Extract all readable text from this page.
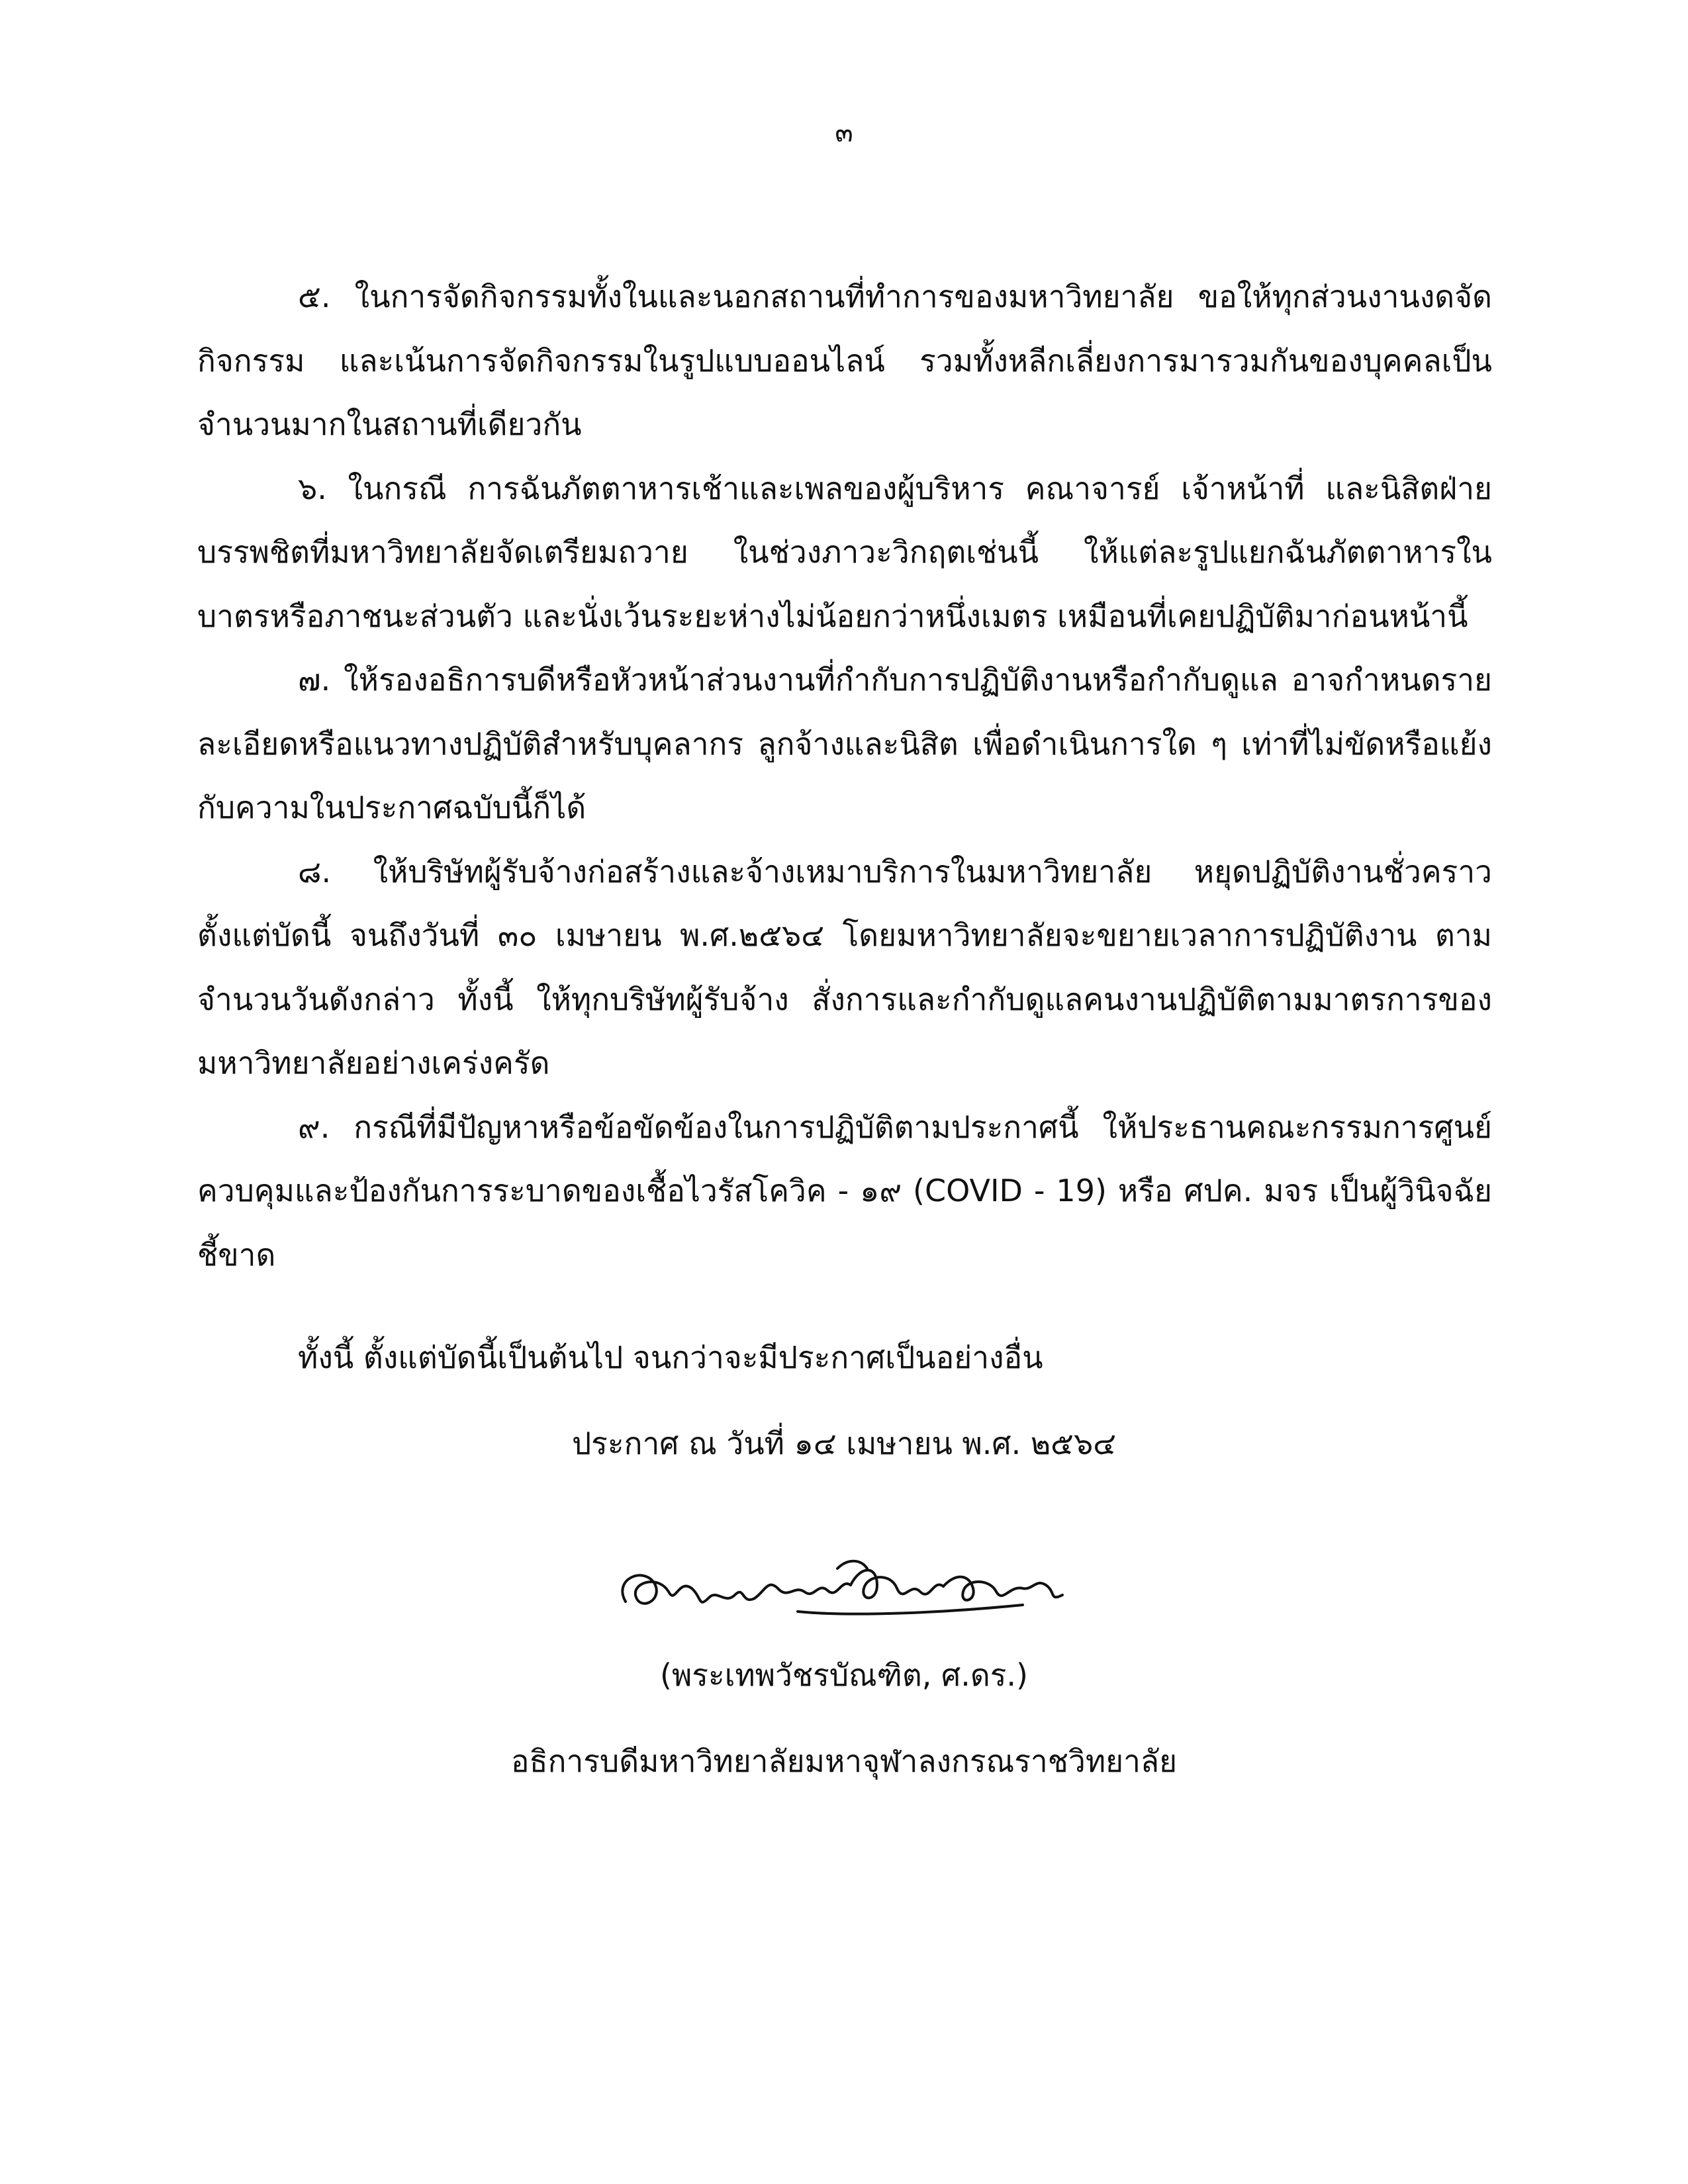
๓

๕. ในการจัดกิจกรรมทั้งในและนอกสถานที่ทำการของมหาวิทยาลัย ขอให้ทุกส่วนงานงดจัดกิจกรรม และเน้นการจัดกิจกรรมในรูปแบบออนไลน์ รวมทั้งหลีกเลี่ยงการมารวมกันของบุคคลเป็นจำนวนมากในสถานที่เดียวกัน

๖. ในกรณี การฉันภัตตาหารเช้าและเพลของผู้บริหาร คณาจารย์ เจ้าหน้าที่ และนิสิตฝ่ายบรรพชิตที่มหาวิทยาลัยจัดเตรียมถวาย ในช่วงภาวะวิกฤตเช่นนี้ ให้แต่ละรูปแยกฉันภัตตาหารในบาตรหรือภาชนะส่วนตัว และนั่งเว้นระยะห่างไม่น้อยกว่าหนึ่งเมตร เหมือนที่เคยปฏิบัติมาก่อนหน้านี้

๗. ให้รองอธิการบดีหรือหัวหน้าส่วนงานที่กำกับการปฏิบัติงานหรือกำกับดูแล อาจกำหนดรายละเอียดหรือแนวทางปฏิบัติสำหรับบุคลากร ลูกจ้างและนิสิต เพื่อดำเนินการใด ๆ เท่าที่ไม่ขัดหรือแย้งกับความในประกาศฉบับนี้ก็ได้

๘. ให้บริษัทผู้รับจ้างก่อสร้างและจ้างเหมาบริการในมหาวิทยาลัย หยุดปฏิบัติงานชั่วคราวตั้งแต่บัดนี้ จนถึงวันที่ ๓๐ เมษายน พ.ศ.๒๕๖๔ โดยมหาวิทยาลัยจะขยายเวลาการปฏิบัติงาน ตามจำนวนวันดังกล่าว ทั้งนี้ ให้ทุกบริษัทผู้รับจ้าง สั่งการและกำกับดูแลคนงานปฏิบัติตามมาตรการของมหาวิทยาลัยอย่างเคร่งครัด

๙. กรณีที่มีปัญหาหรือข้อขัดข้องในการปฏิบัติตามประกาศนี้ ให้ประธานคณะกรรมการศูนย์ควบคุมและป้องกันการระบาดของเชื้อไวรัสโควิค - ๑๙ (COVID - 19) หรือ ศปค. มจร เป็นผู้วินิจฉัยชี้ขาด

ทั้งนี้ ตั้งแต่บัดนี้เป็นต้นไป จนกว่าจะมีประกาศเป็นอย่างอื่น
ประกาศ ณ วันที่ ๑๔ เมษายน พ.ศ. ๒๕๖๔
(พระเทพวัชรบัณฑิต, ศ.ดร.)
อธิการบดีมหาวิทยาลัยมหาจุฬาลงกรณราชวิทยาลัย
